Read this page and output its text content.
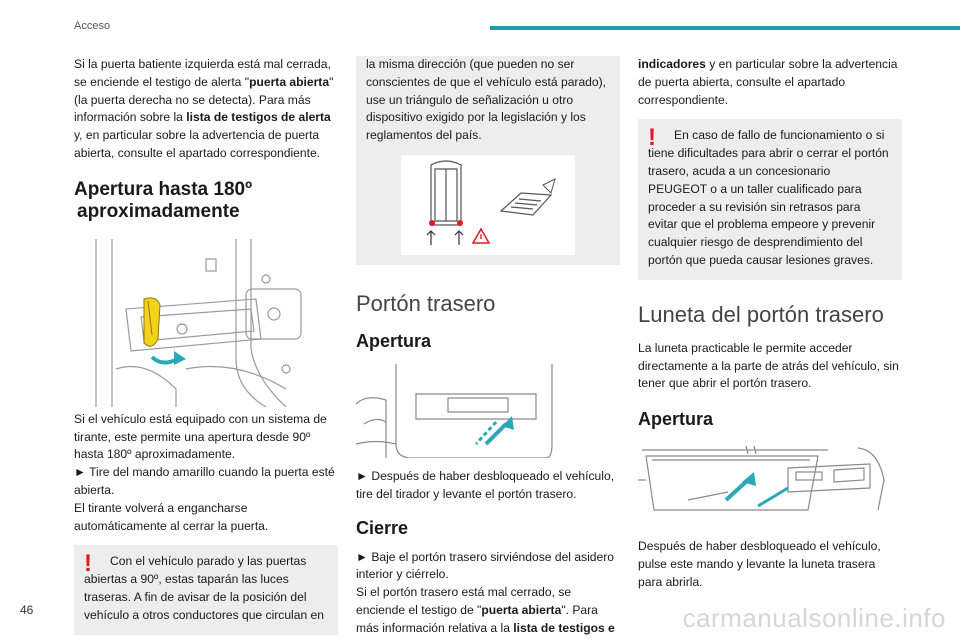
Acceso

Si la puerta batiente izquierda está mal cerrada, se enciende el testigo de alerta "puerta abierta" (la puerta derecha no se detecta). Para más información sobre la lista de testigos de alerta y, en particular sobre la advertencia de puerta abierta, consulte el apartado correspondiente.

Apertura hasta 180º
aproximadamente

Si el vehículo está equipado con un sistema de tirante, este permite una apertura desde 90º hasta 180º aproximadamente.

► Tire del mando amarillo cuando la puerta esté abierta.

El tirante volverá a engancharse automáticamente al cerrar la puerta.

!	Con el vehículo parado y las puertas abiertas a 90º, estas taparán las luces traseras. A fin de avisar de la posición del vehículo a otros conductores que circulan en

la misma dirección (que pueden no ser conscientes de que el vehículo está parado), use un triángulo de señalización u otro dispositivo exigido por la legislación y los reglamentos del país.

Portón trasero
Apertura

► Después de haber desbloqueado el vehículo, tire del tirador y levante el portón trasero.

Cierre

► Baje el portón trasero sirviéndose del asidero interior y ciérrelo.

Si el portón trasero está mal cerrado, se enciende el testigo de "puerta abierta". Para más información relativa a la lista de testigos e

indicadores y en particular sobre la advertencia de puerta abierta, consulte el apartado correspondiente.

!	En caso de fallo de funcionamiento o si tiene dificultades para abrir o cerrar el portón trasero, acuda a un concesionario PEUGEOT o a un taller cualificado para proceder a su revisión sin retrasos para evitar que el problema empeore y prevenir cualquier riesgo de desprendimiento del portón que pueda causar lesiones graves.

Luneta del portón trasero

La luneta practicable le permite acceder directamente a la parte de atrás del vehículo, sin tener que abrir el portón trasero.

Apertura

Después de haber desbloqueado el vehículo, pulse este mando y levante la luneta trasera para abrirla.

46	carmanualsonline.info
